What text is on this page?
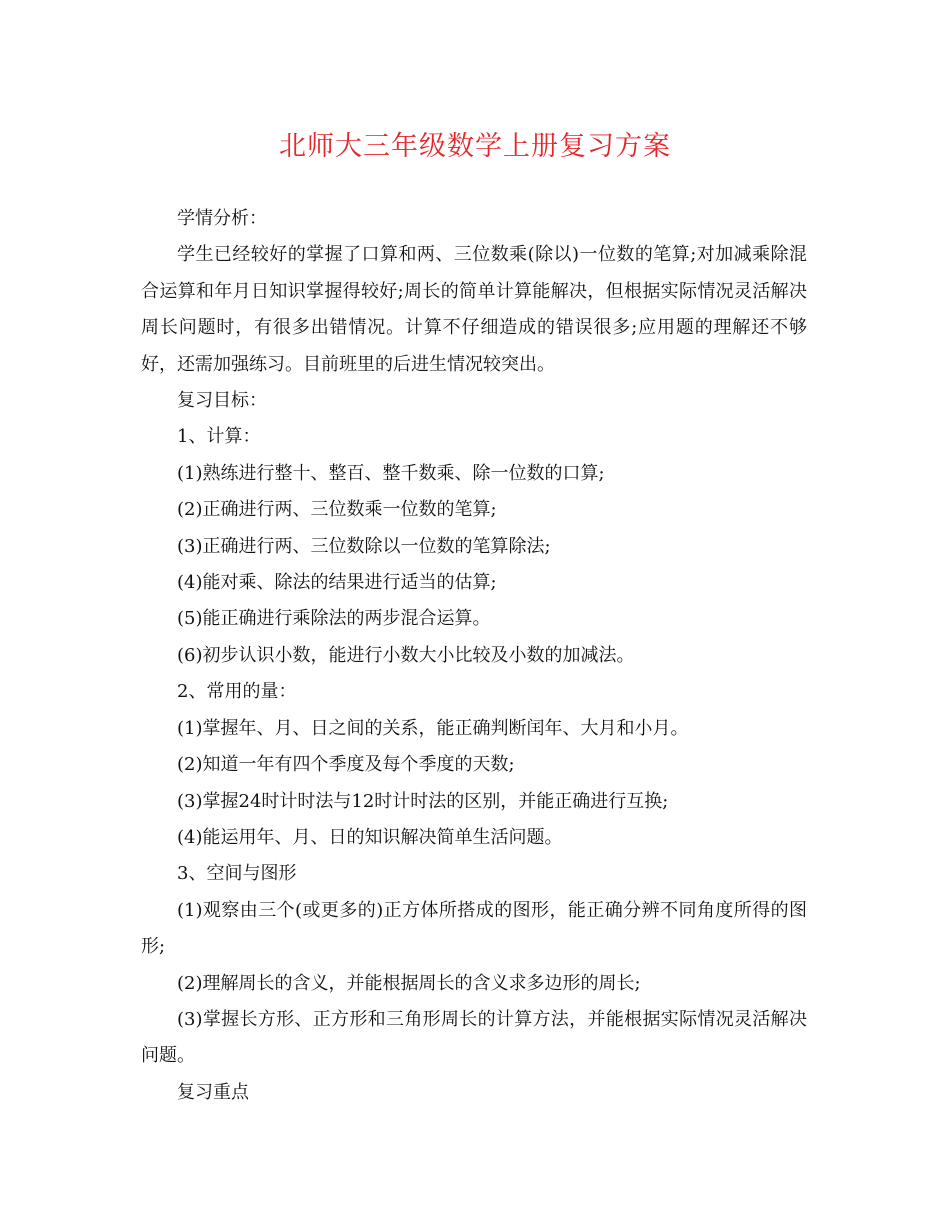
北师大三年级数学上册复习方案

学情分析：

学生已经较好的掌握了口算和两、三位数乘(除以)一位数的笔算;对加减乘除混合运算和年月日知识掌握得较好;周长的简单计算能解决，但根据实际情况灵活解决周长问题时，有很多出错情况。计算不仔细造成的错误很多;应用题的理解还不够好，还需加强练习。目前班里的后进生情况较突出。

复习目标：

1、计算：

(1)熟练进行整十、整百、整千数乘、除一位数的口算;

(2)正确进行两、三位数乘一位数的笔算;

(3)正确进行两、三位数除以一位数的笔算除法;

(4)能对乘、除法的结果进行适当的估算;

(5)能正确进行乘除法的两步混合运算。

(6)初步认识小数，能进行小数大小比较及小数的加减法。

2、常用的量：

(1)掌握年、月、日之间的关系，能正确判断闰年、大月和小月。

(2)知道一年有四个季度及每个季度的天数;

(3)掌握24时计时法与12时计时法的区别，并能正确进行互换;

(4)能运用年、月、日的知识解决简单生活问题。

3、空间与图形

(1)观察由三个(或更多的)正方体所搭成的图形，能正确分辨不同角度所得的图形;

(2)理解周长的含义，并能根据周长的含义求多边形的周长;

(3)掌握长方形、正方形和三角形周长的计算方法，并能根据实际情况灵活解决问题。

复习重点
